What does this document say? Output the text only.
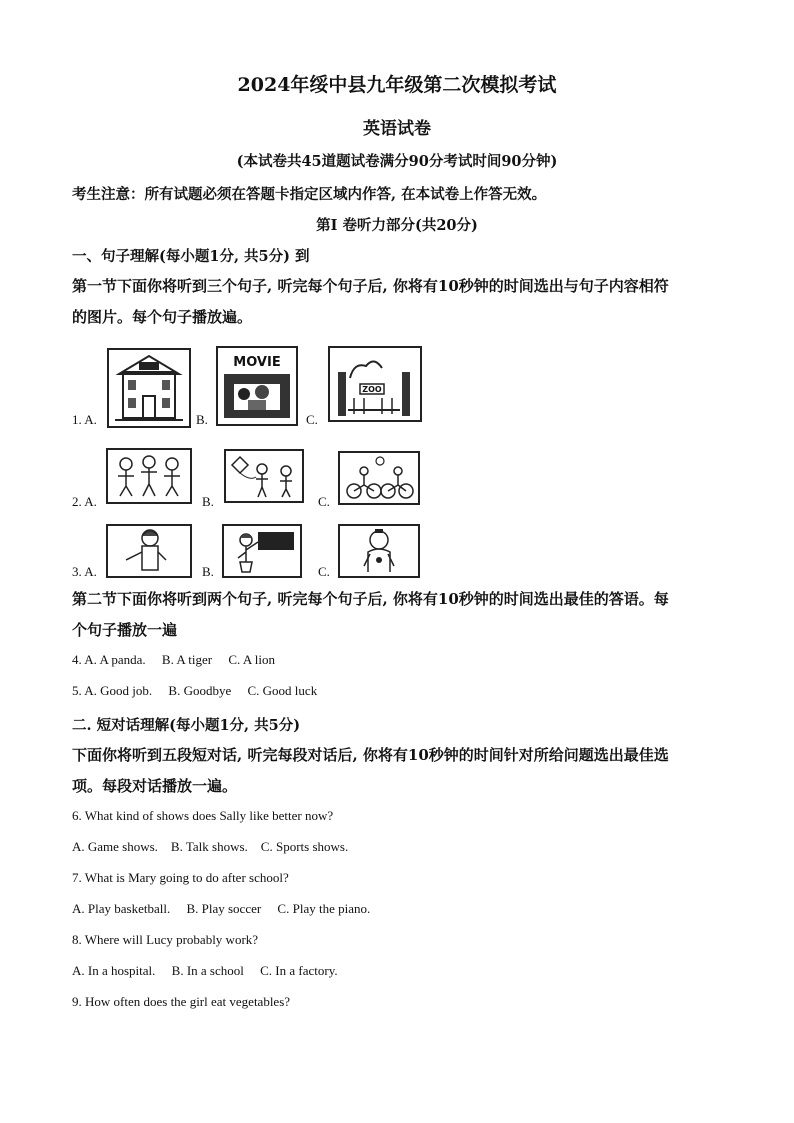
2024年绥中县九年级第二次模拟考试
英语试卷
(本试卷共45道题试卷满分90分考试时间90分钟)
考生注意：所有试题必须在答题卡指定区域内作答, 在本试卷上作答无效。
第Ⅰ 卷听力部分(共20分)
一、句子理解(每小题1分, 共5分) 到
第一节下面你将听到三个句子, 听完每个句子后, 你将有10秒钟的时间选出与句子内容相符
的图片。每个句子播放遍。
1. A.	B.
MOVIE
C.
ZOO
2. A.	B.	C.
3. A.	B.	C.
第二节下面你将听到两个句子, 听完每个句子后, 你将有10秒钟的时间选出最佳的答语。每
个句子播放一遍
4. A. A panda.     B. A tiger     C. A lion
5. A. Good job.     B. Goodbye     C. Good luck
二. 短对话理解(每小题1分, 共5分)
下面你将听到五段短对话, 听完每段对话后, 你将有10秒钟的时间针对所给问题选出最佳选
项。每段对话播放一遍。
6. What kind of shows does Sally like better now?
A. Game shows.    B. Talk shows.    C. Sports shows.
7. What is Mary going to do after school?
A. Play basketball.     B. Play soccer     C. Play the piano.
8. Where will Lucy probably work?
A. In a hospital.     B. In a school     C. In a factory.
9. How often does the girl eat vegetables?
